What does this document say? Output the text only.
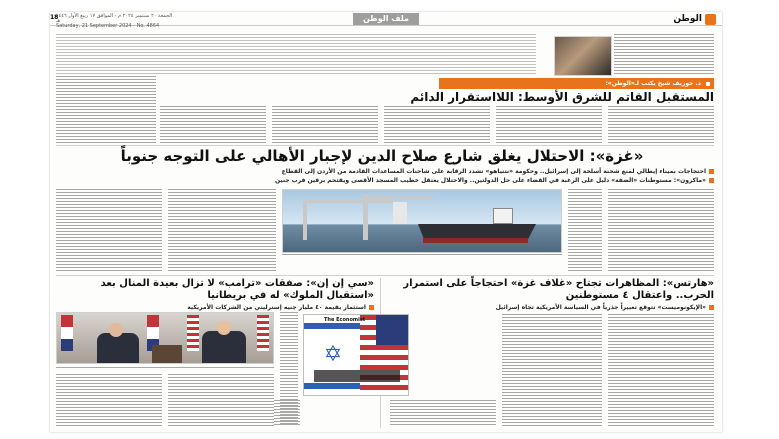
الوطن
ملف الوطن
الجمعة ٢٠ سبتمبر ٢٠٢٤ م - الموافق ١٧ ربيع الأول ١٤٤٦ هـ
Saturday, 21 September 2024 - No. 4864
18
د. جوزيف شيخ يكتب لـ«الوطن»:
المستقبل القاتم للشرق الأوسط: اللااستقرار الدائم
«غزة»: الاحتلال يغلق شارع صلاح الدين لإجبار الأهالي على التوجه جنوباً
احتجاجات بميناء إيطالي لمنع شحنة أسلحة إلى إسرائيل.. وحكومة «نتنياهو» تشدد الرقابة على شاحنات المساعدات القادمة من الأردن إلى القطاع
«ماكرون»: مستوطنات «الضفة» دليل على الرغبة في القضاء على حل الدولتين.. والاحتلال يعتقل خطيب المسجد الأقصى ويقتحم برقين قرب جنين
«هارتس»: المظاهرات تجتاح «غلاف غزة» احتجاجاً على استمرار الحرب.. واعتقال ٤ مستوطنين
«الإيكونوميست» تتوقع تغييراً جذرياً في السياسة الأمريكية تجاه إسرائيل
✡
The Economist
«سي إن إن»: صفقات «ترامب» لا تزال بعيدة المنال بعد «استقبال الملوك» له في بريطانيا
استثمار بقيمة ٤٠ مليار جنيه إسترليني من الشركات الأمريكية
